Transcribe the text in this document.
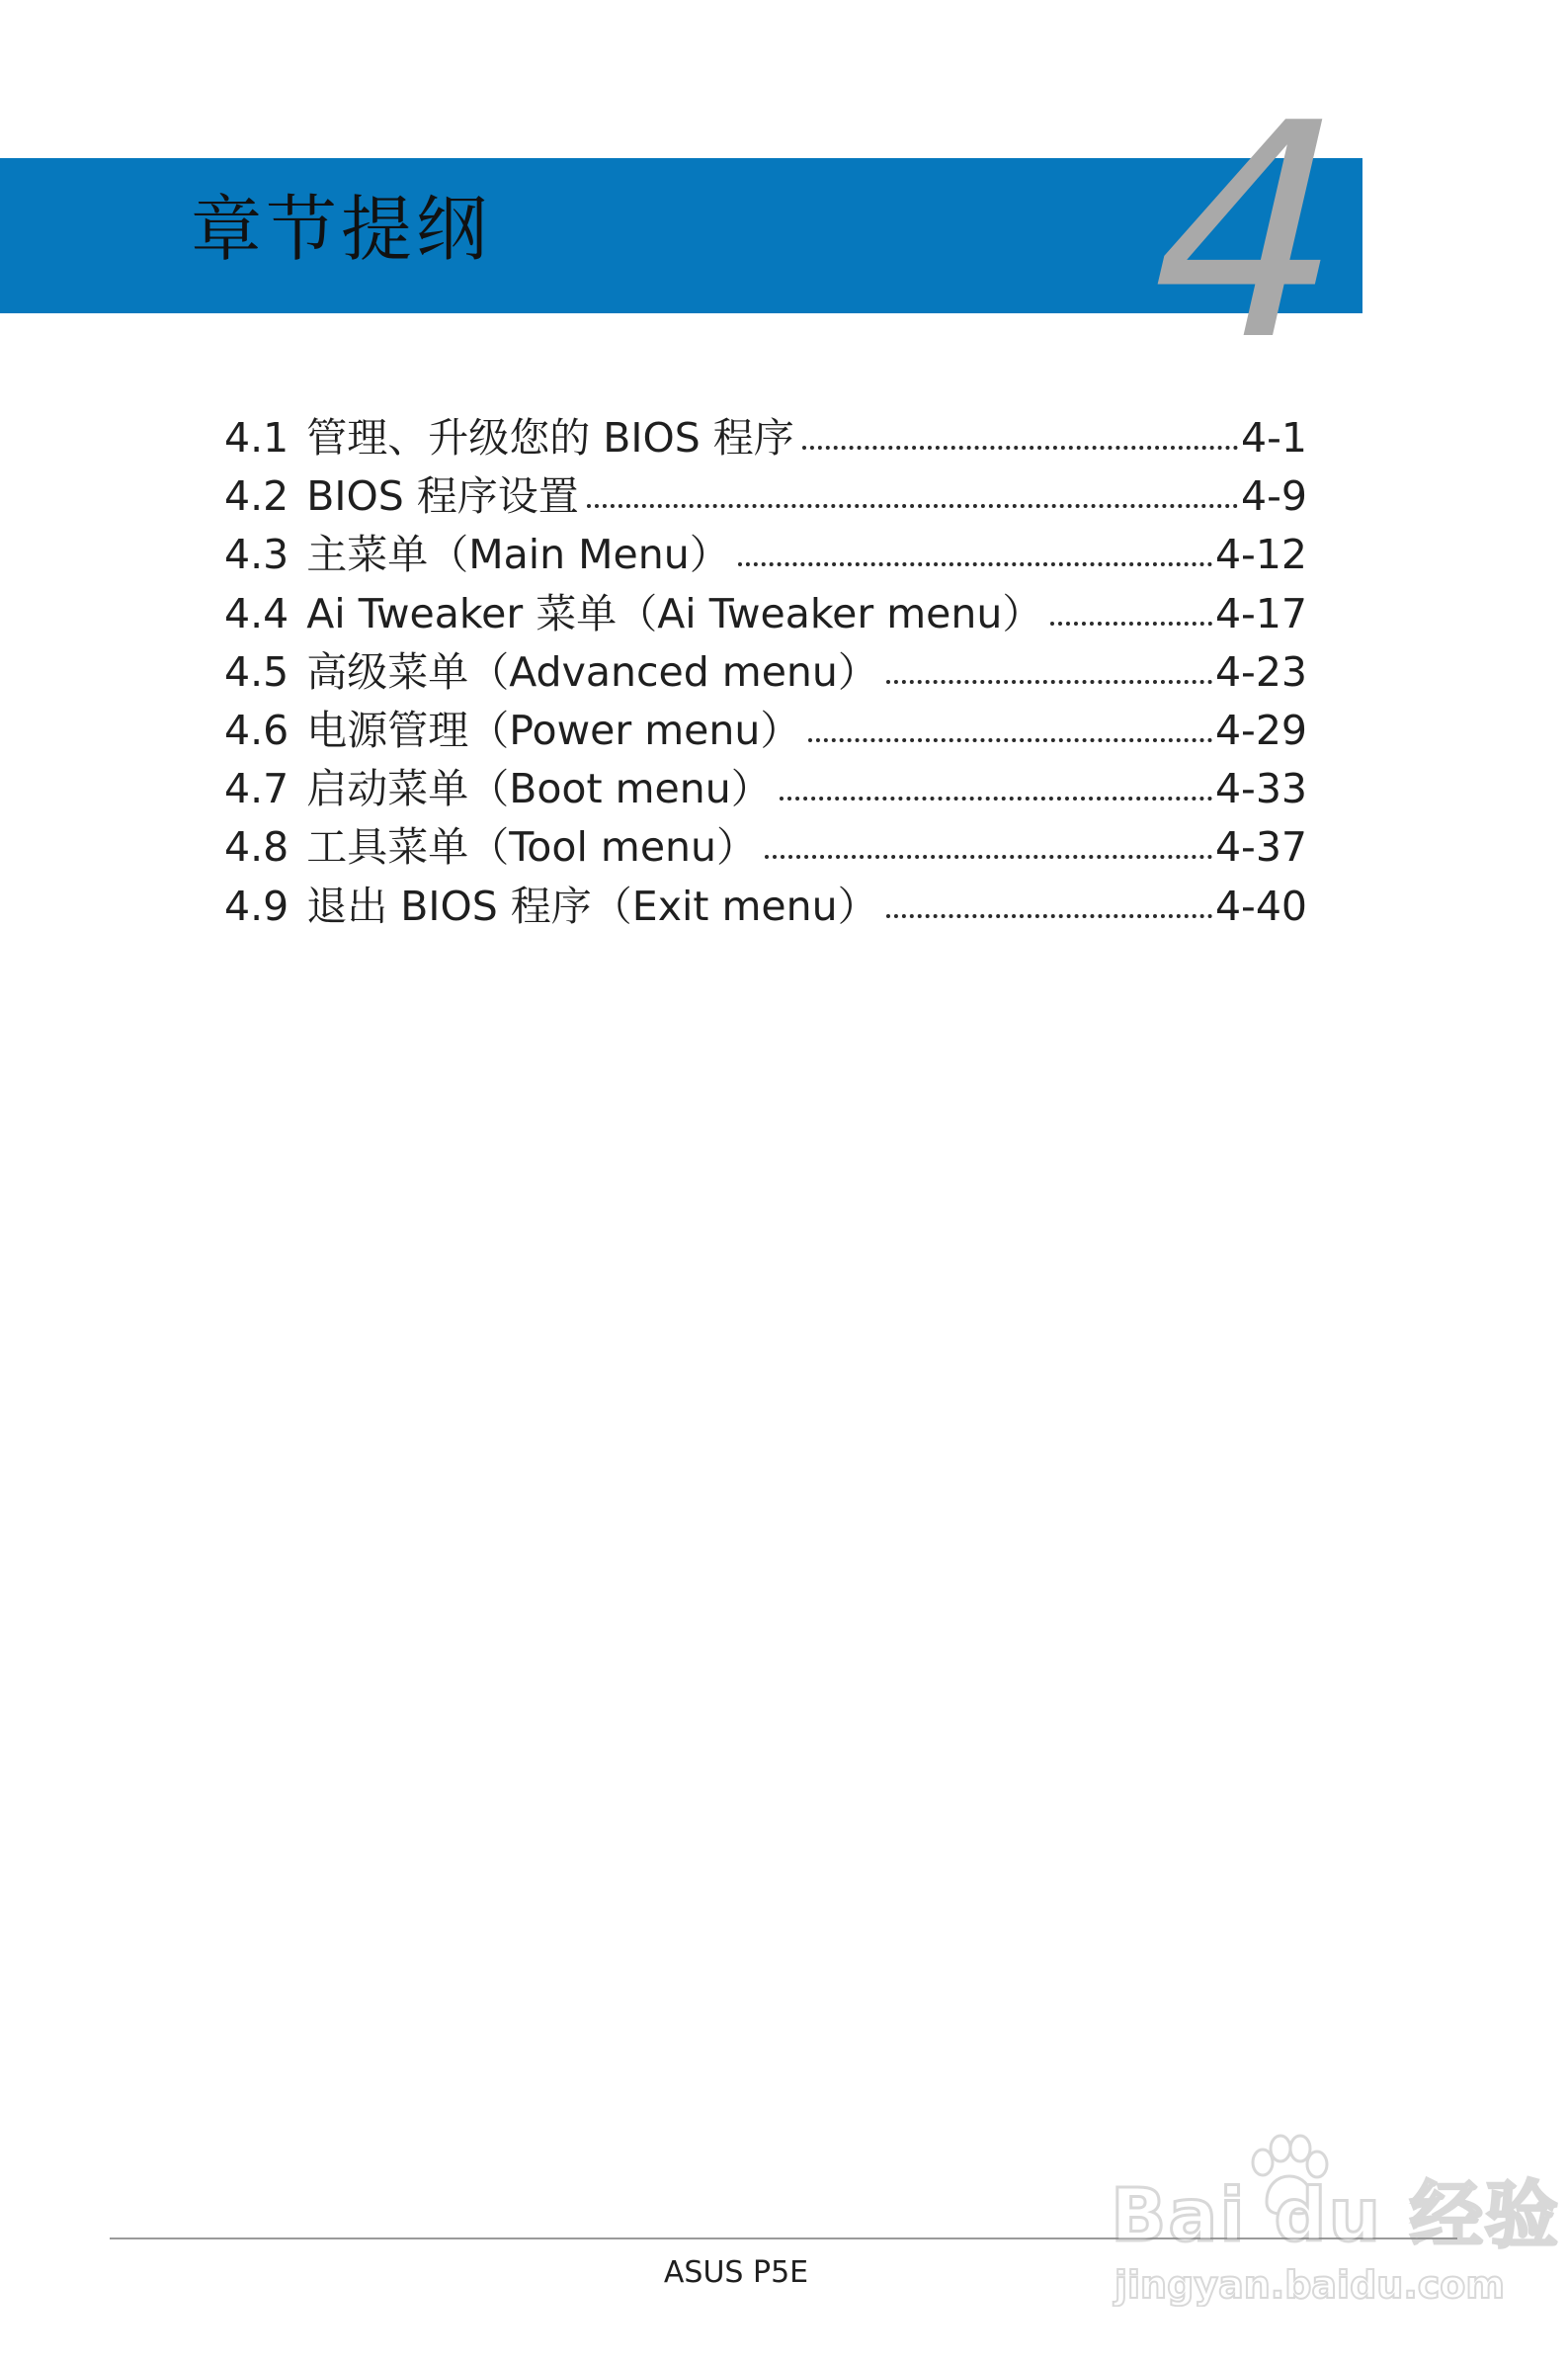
章节提纲 4
4.1 管理、升级您的 BIOS 程序	4-1
4.2 BIOS 程序设置	4-9
4.3 主菜单（Main Menu）	4-12
4.4 Ai Tweaker 菜单（Ai Tweaker menu）	4-17
4.5 高级菜单（Advanced menu）	4-23
4.6 电源管理（Power menu）	4-29
4.7 启动菜单（Boot menu）	4-33
4.8 工具菜单（Tool menu）	4-37
4.9 退出 BIOS 程序（Exit menu）	4-40
ASUS P5E
Bai du 经验
jingyan.baidu.com
